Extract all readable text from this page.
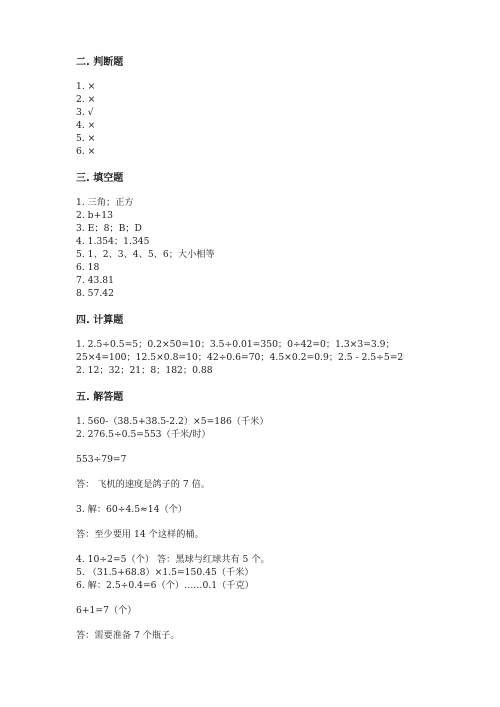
二. 判断题

1. ×

2. ×

3. √

4. ×

5. ×

6. ×

三. 填空题

1. 三角；正方

2. b+13

3. E；8；B；D

4. 1.354；1.345

5. 1、2、3、4、5、6；大小相等

6. 18

7. 43.81

8. 57.42

四. 计算题

1. 2.5÷0.5=5；0.2×50=10；3.5÷0.01=350；0÷42=0；1.3×3=3.9；

25×4=100；12.5×0.8=10；42÷0.6=70；4.5×0.2=0.9；2.5 - 2.5÷5=2

2. 12；32；21；8；182；0.88

五. 解答题

1. 560-（38.5+38.5-2.2）×5=186（千米）

2. 276.5÷0.5=553（千米/时）

553÷79=7

答： 飞机的速度是鸽子的 7 倍。

3. 解：60÷4.5≈14（个）

答：至少要用 14 个这样的桶。

4. 10÷2=5（个） 答：黑球与红球共有 5 个。

5. （31.5+68.8）×1.5=150.45（千米）

6. 解：2.5÷0.4=6（个）……0.1（千克）

6+1=7（个）

答：需要准备 7 个瓶子。
